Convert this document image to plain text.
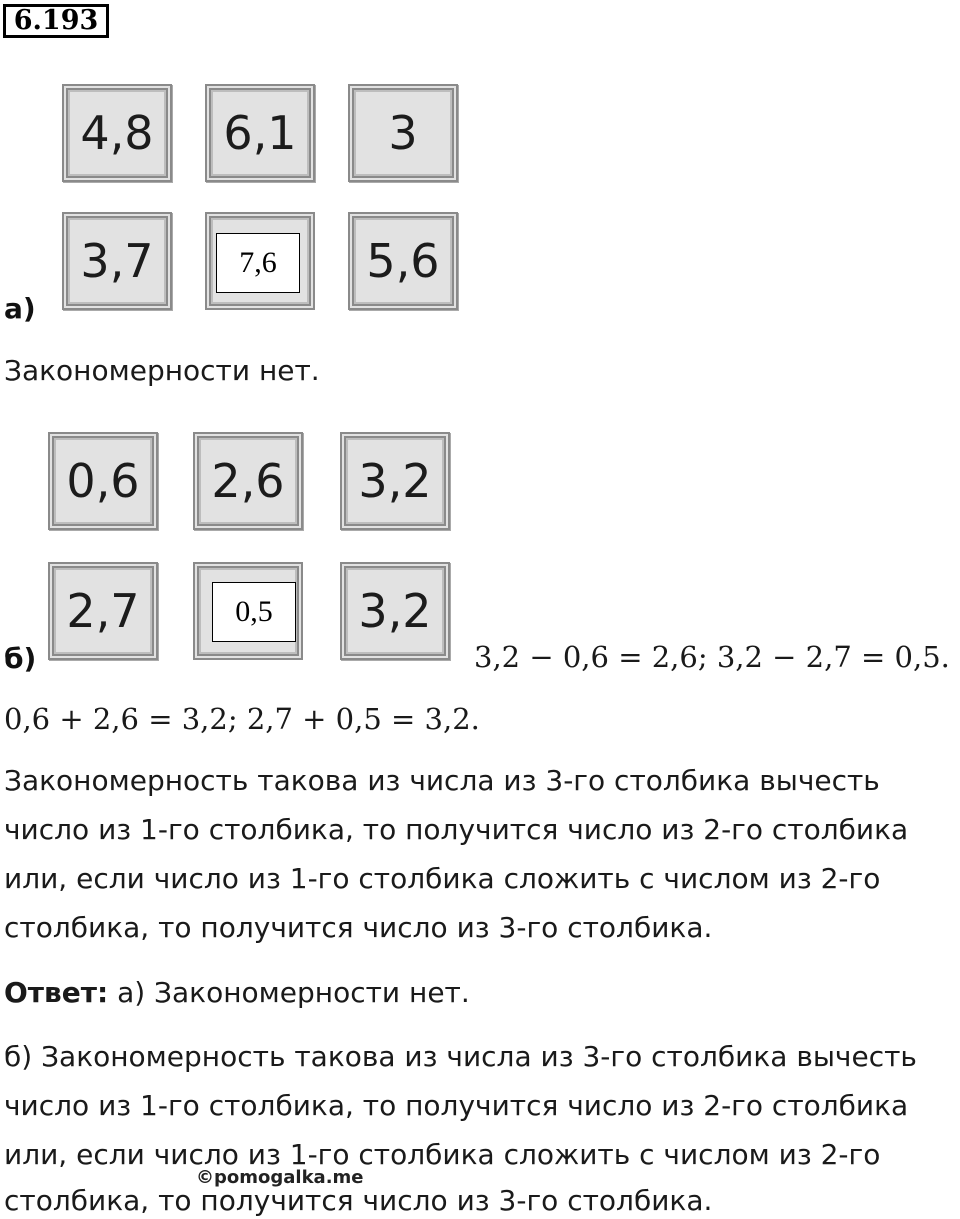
6.193
4,8	6,1	3
3,7	7,6	5,6
а)
Закономерности нет.
0,6	2,6	3,2
2,7	0,5	3,2
б)	3,2 − 0,6 = 2,6; 3,2 − 2,7 = 0,5.
0,6 + 2,6 = 3,2; 2,7 + 0,5 = 3,2.
Закономерность такова из числа из 3-го столбика вычесть
число из 1-го столбика, то получится число из 2-го столбика
или, если число из 1-го столбика сложить с числом из 2-го
столбика, то получится число из 3-го столбика.
Ответ: а) Закономерности нет.
б) Закономерность такова из числа из 3-го столбика вычесть
число из 1-го столбика, то получится число из 2-го столбика
или, если число из 1-го столбика сложить с числом из 2-го
столбика, то получится число из 3-го столбика.
©pomogalka.me
